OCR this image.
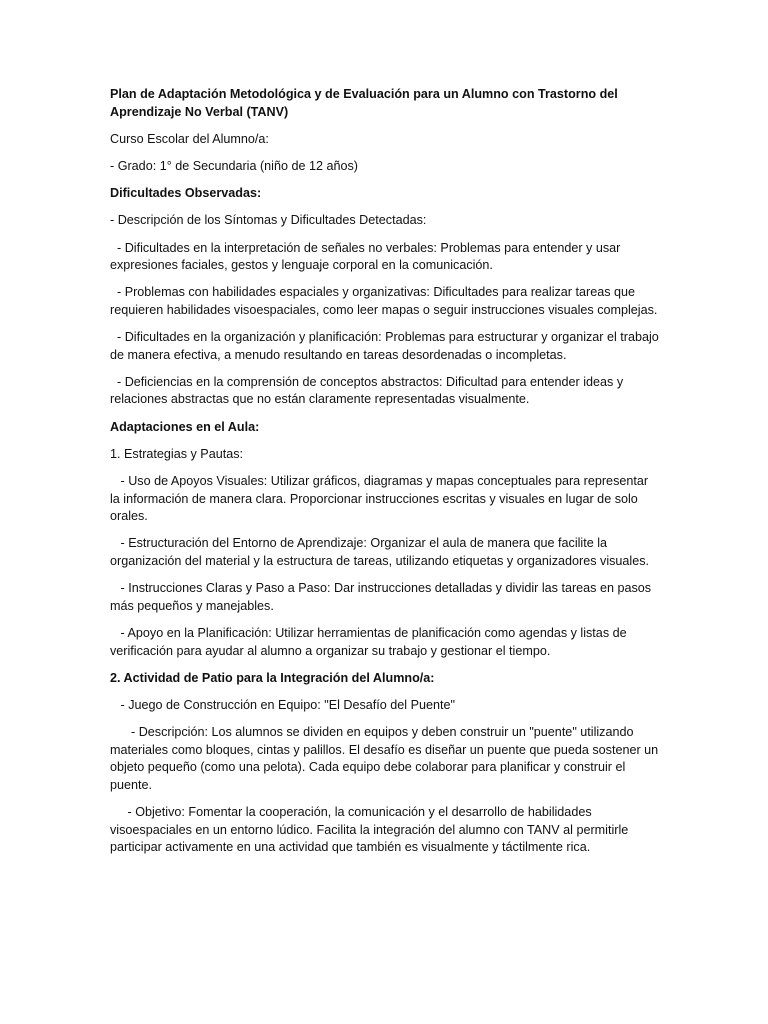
Plan de Adaptación Metodológica y de Evaluación para un Alumno con Trastorno del Aprendizaje No Verbal (TANV)

Curso Escolar del Alumno/a:

- Grado: 1° de Secundaria (niño de 12 años)

Dificultades Observadas:

- Descripción de los Síntomas y Dificultades Detectadas:

- Dificultades en la interpretación de señales no verbales: Problemas para entender y usar expresiones faciales, gestos y lenguaje corporal en la comunicación.

- Problemas con habilidades espaciales y organizativas: Dificultades para realizar tareas que requieren habilidades visoespaciales, como leer mapas o seguir instrucciones visuales complejas.

- Dificultades en la organización y planificación: Problemas para estructurar y organizar el trabajo de manera efectiva, a menudo resultando en tareas desordenadas o incompletas.

- Deficiencias en la comprensión de conceptos abstractos: Dificultad para entender ideas y relaciones abstractas que no están claramente representadas visualmente.

Adaptaciones en el Aula:

1. Estrategias y Pautas:

- Uso de Apoyos Visuales: Utilizar gráficos, diagramas y mapas conceptuales para representar la información de manera clara. Proporcionar instrucciones escritas y visuales en lugar de solo orales.

- Estructuración del Entorno de Aprendizaje: Organizar el aula de manera que facilite la organización del material y la estructura de tareas, utilizando etiquetas y organizadores visuales.

- Instrucciones Claras y Paso a Paso: Dar instrucciones detalladas y dividir las tareas en pasos más pequeños y manejables.

- Apoyo en la Planificación: Utilizar herramientas de planificación como agendas y listas de verificación para ayudar al alumno a organizar su trabajo y gestionar el tiempo.

2. Actividad de Patio para la Integración del Alumno/a:

- Juego de Construcción en Equipo: "El Desafío del Puente"

- Descripción: Los alumnos se dividen en equipos y deben construir un "puente" utilizando materiales como bloques, cintas y palillos. El desafío es diseñar un puente que pueda sostener un objeto pequeño (como una pelota). Cada equipo debe colaborar para planificar y construir el puente.

- Objetivo: Fomentar la cooperación, la comunicación y el desarrollo de habilidades visoespaciales en un entorno lúdico. Facilita la integración del alumno con TANV al permitirle participar activamente en una actividad que también es visualmente y táctilmente rica.
